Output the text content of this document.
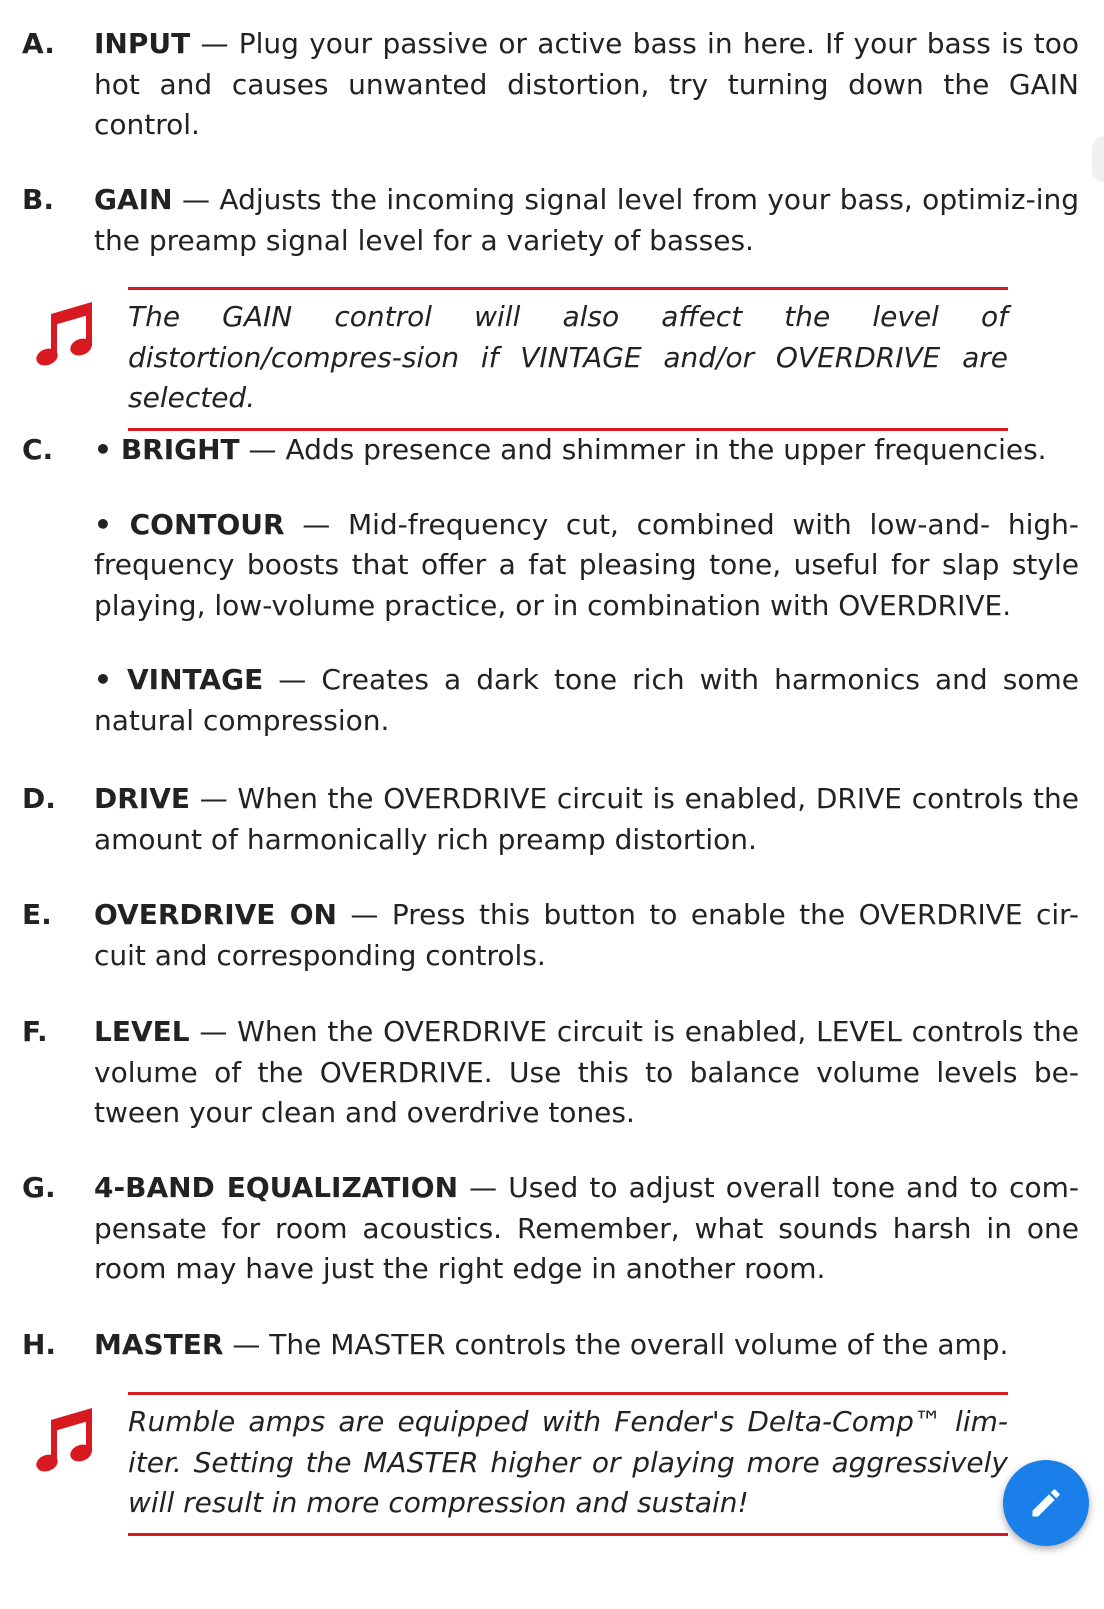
A. INPUT — Plug your passive or active bass in here. If your bass is too hot and causes unwanted distortion, try turning down the GAIN control.
B. GAIN — Adjusts the incoming signal level from your bass, optimiz-ing the preamp signal level for a variety of basses.
The GAIN control will also affect the level of distortion/compres-sion if VINTAGE and/or OVERDRIVE are selected.
C. • BRIGHT — Adds presence and shimmer in the upper frequencies.
• CONTOUR — Mid-frequency cut, combined with low-and- high-frequency boosts that offer a fat pleasing tone, useful for slap style playing, low-volume practice, or in combination with OVERDRIVE.
• VINTAGE — Creates a dark tone rich with harmonics and some natural compression.
D. DRIVE — When the OVERDRIVE circuit is enabled, DRIVE controls the amount of harmonically rich preamp distortion.
E. OVERDRIVE ON — Press this button to enable the OVERDRIVE cir-cuit and corresponding controls.
F. LEVEL — When the OVERDRIVE circuit is enabled, LEVEL controls the volume of the OVERDRIVE. Use this to balance volume levels be-tween your clean and overdrive tones.
G. 4-BAND EQUALIZATION — Used to adjust overall tone and to com-pensate for room acoustics. Remember, what sounds harsh in one room may have just the right edge in another room.
H. MASTER — The MASTER controls the overall volume of the amp.
Rumble amps are equipped with Fender's Delta-Comp™ lim-iter. Setting the MASTER higher or playing more aggressively will result in more compression and sustain!
